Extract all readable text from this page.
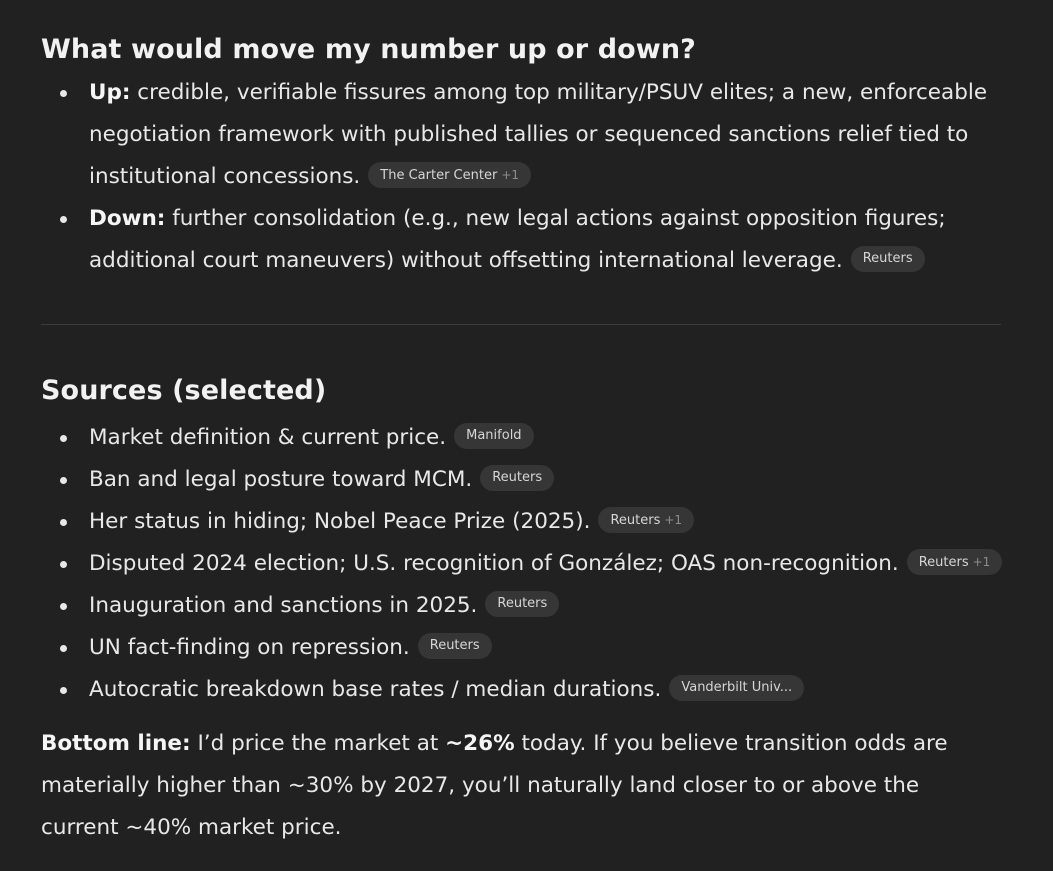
What would move my number up or down?
Up: credible, verifiable fissures among top military/PSUV elites; a new, enforceable negotiation framework with published tallies or sequenced sanctions relief tied to institutional concessions. The Carter Center +1
Down: further consolidation (e.g., new legal actions against opposition figures; additional court maneuvers) without offsetting international leverage. Reuters
Sources (selected)
Market definition & current price. Manifold
Ban and legal posture toward MCM. Reuters
Her status in hiding; Nobel Peace Prize (2025). Reuters +1
Disputed 2024 election; U.S. recognition of González; OAS non-recognition. Reuters +1
Inauguration and sanctions in 2025. Reuters
UN fact-finding on repression. Reuters
Autocratic breakdown base rates / median durations. Vanderbilt Univ...

Bottom line: I’d price the market at ~26% today. If you believe transition odds are materially higher than ~30% by 2027, you’ll naturally land closer to or above the current ~40% market price.
